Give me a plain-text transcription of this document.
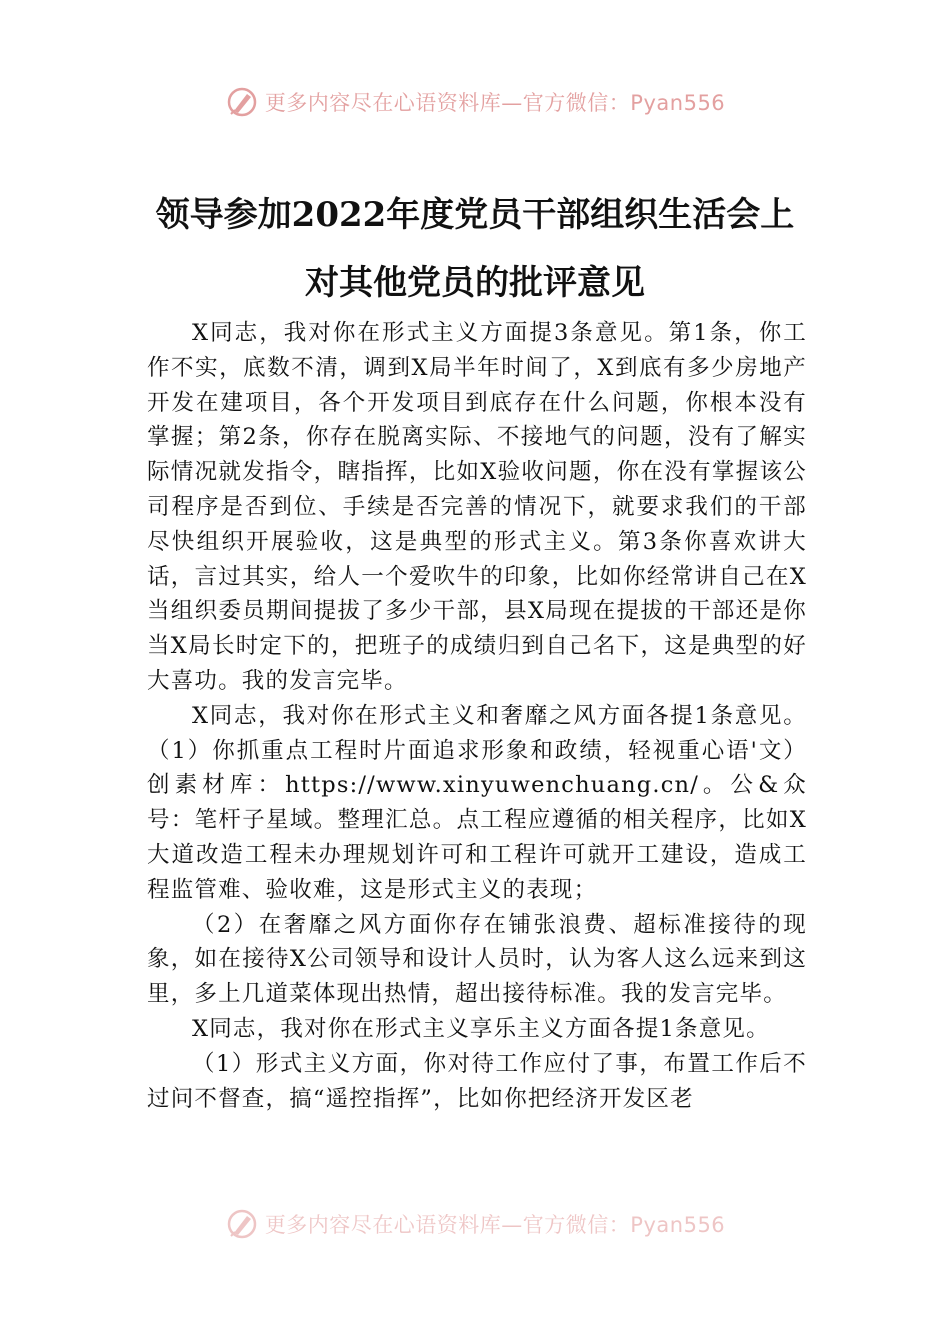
更多内容尽在心语资料库—官方微信：Pyan556
领导参加2022年度党员干部组织生活会上
对其他党员的批评意见

X同志，我对你在形式主义方面提3条意见。第1条，你工作不实，底数不清，调到X局半年时间了，X到底有多少房地产开发在建项目，各个开发项目到底存在什么问题，你根本没有掌握；第2条，你存在脱离实际、不接地气的问题，没有了解实际情况就发指令，瞎指挥，比如X验收问题，你在没有掌握该公司程序是否到位、手续是否完善的情况下，就要求我们的干部尽快组织开展验收，这是典型的形式主义。第3条你喜欢讲大话，言过其实，给人一个爱吹牛的印象，比如你经常讲自己在X当组织委员期间提拔了多少干部，县X局现在提拔的干部还是你当X局长时定下的，把班子的成绩归到自己名下，这是典型的好大喜功。我的发言完毕。

X同志，我对你在形式主义和奢靡之风方面各提1条意见。（1）你抓重点工程时片面追求形象和政绩，轻视重心语'文）创素材库：https://www.xinyuwenchuang.cn/。公&众号：笔杆子星域。整理汇总。点工程应遵循的相关程序，比如X大道改造工程未办理规划许可和工程许可就开工建设，造成工程监管难、验收难，这是形式主义的表现；

（2）在奢靡之风方面你存在铺张浪费、超标准接待的现象，如在接待X公司领导和设计人员时，认为客人这么远来到这里，多上几道菜体现出热情，超出接待标准。我的发言完毕。

X同志，我对你在形式主义享乐主义方面各提1条意见。

（1）形式主义方面，你对待工作应付了事，布置工作后不过问不督查，搞“遥控指挥”，比如你把经济开发区老

更多内容尽在心语资料库—官方微信：Pyan556
